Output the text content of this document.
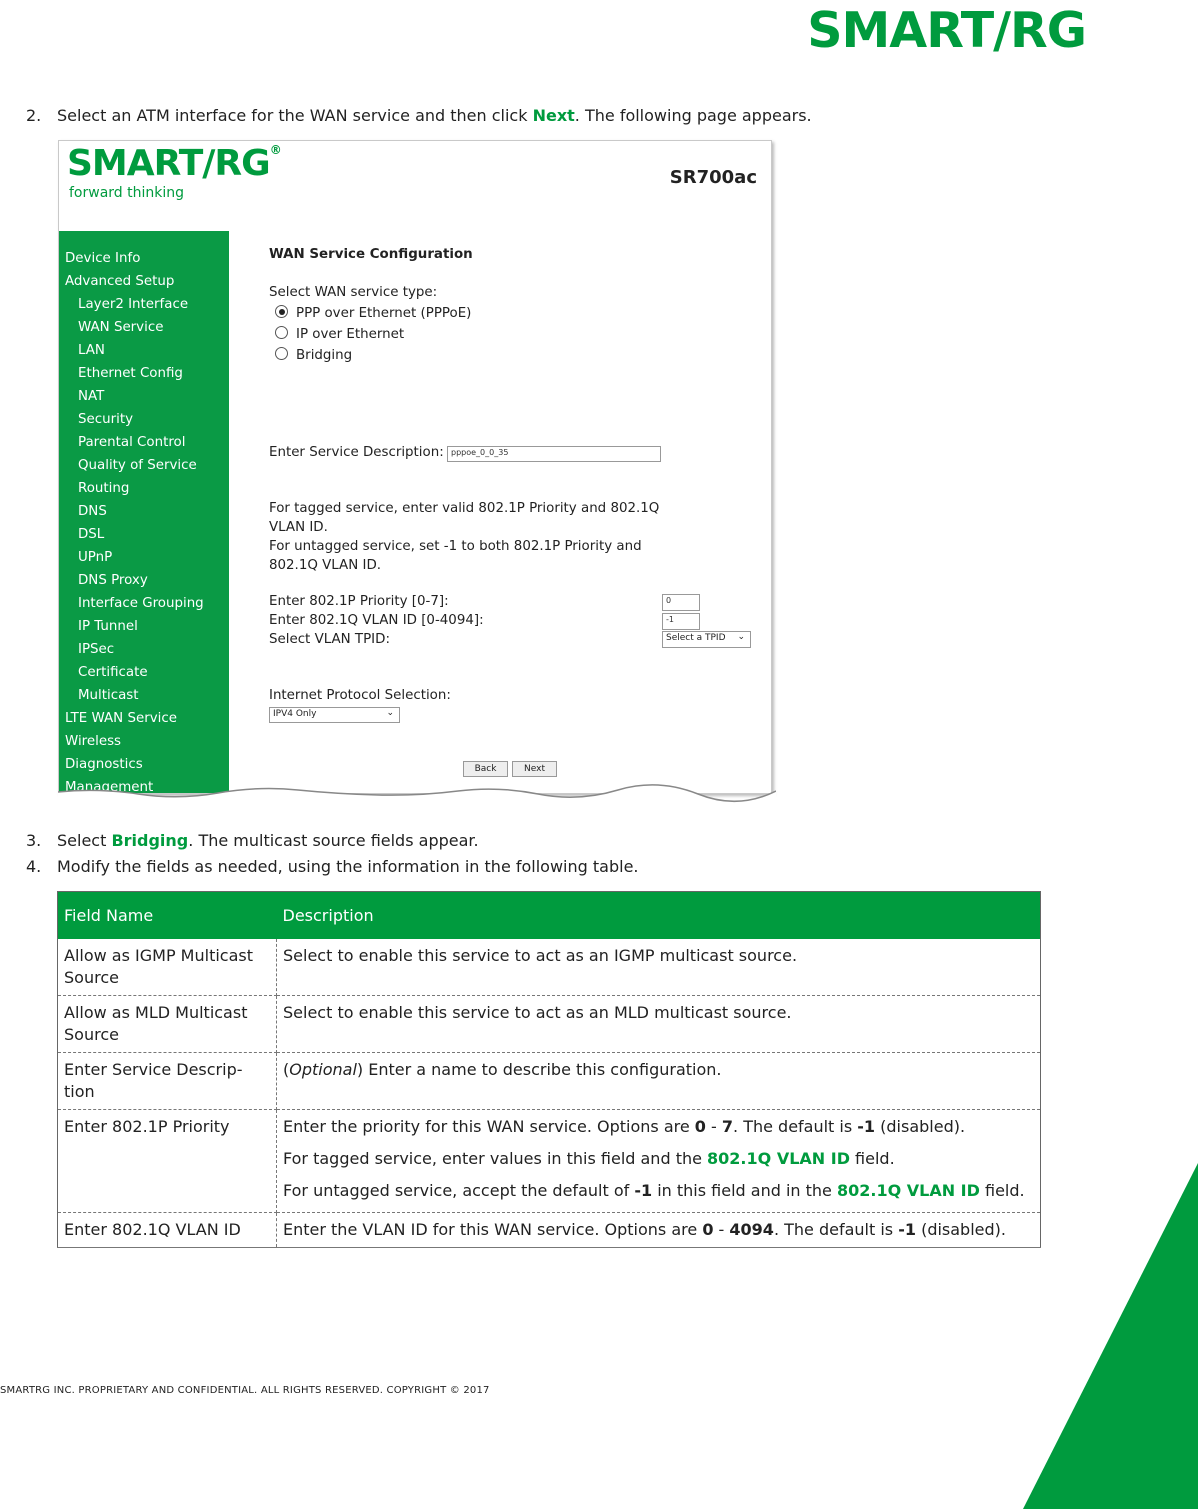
SMART/RG
2. Select an ATM interface for the WAN service and then click Next. The following page appears.
SMART/RG®
forward thinking
SR700ac
Device Info
Advanced Setup
Layer2 Interface
WAN Service
LAN
Ethernet Config
NAT
Security
Parental Control
Quality of Service
Routing
DNS
DSL
UPnP
DNS Proxy
Interface Grouping
IP Tunnel
IPSec
Certificate
Multicast
LTE WAN Service
Wireless
Diagnostics
Management
WAN Service Configuration
Select WAN service type:
PPP over Ethernet (PPPoE)
IP over Ethernet
Bridging
Enter Service Description: pppoe_0_0_35
For tagged service, enter valid 802.1P Priority and 802.1Q
VLAN ID.
For untagged service, set -1 to both 802.1P Priority and
802.1Q VLAN ID.
Enter 802.1P Priority [0-7]:	0
Enter 802.1Q VLAN ID [0-4094]:	-1
Select VLAN TPID:	Select a TPID ⌄
Internet Protocol Selection:
IPV4 Only	⌄
Back	Next
3. Select Bridging. The multicast source fields appear.
4. Modify the fields as needed, using the information in the following table.
Field Name	Description
Allow as IGMP Multicast Source	Select to enable this service to act as an IGMP multicast source.
Allow as MLD Multicast Source	Select to enable this service to act as an MLD multicast source.
Enter Service Descrip-tion	(Optional) Enter a name to describe this configuration.
Enter 802.1P Priority	Enter the priority for this WAN service. Options are 0 - 7. The default is -1 (disabled).

For tagged service, enter values in this field and the 802.1Q VLAN ID field.

For untagged service, accept the default of -1 in this field and in the 802.1Q VLAN ID field.

Enter 802.1Q VLAN ID	Enter the VLAN ID for this WAN service. Options are 0 - 4094. The default is -1 (disabled).
SMARTRG INC. PROPRIETARY AND CONFIDENTIAL. ALL RIGHTS RESERVED. COPYRIGHT © 2017
